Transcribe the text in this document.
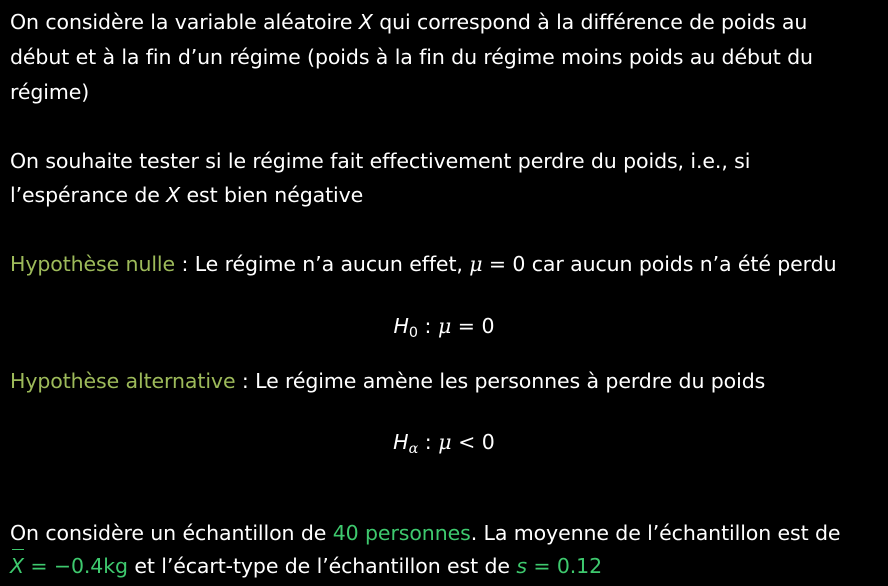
On considère la variable aléatoire X qui correspond à la différence de poids au
début et à la fin d’un régime (poids à la fin du régime moins poids au début du
régime)
On souhaite tester si le régime fait effectivement perdre du poids, i.e., si
l’espérance de X est bien négative
Hypothèse nulle : Le régime n’a aucun effet, μ = 0 car aucun poids n’a été perdu
$H_0$ : μ = 0
Hypothèse alternative : Le régime amène les personnes à perdre du poids
$H_\alpha$ : μ < 0
On considère un échantillon de 40 personnes. La moyenne de l’échantillon est de
X = −0.4kg et l’écart-type de l’échantillon est de s = 0.12
